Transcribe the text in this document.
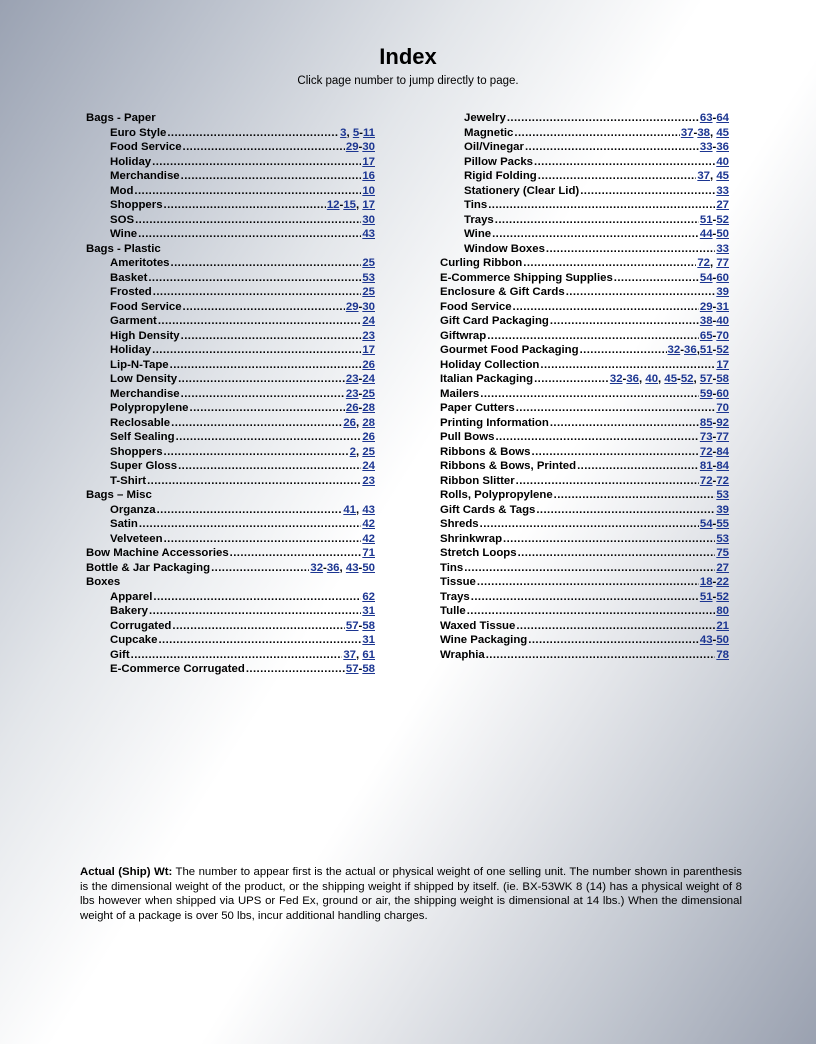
Index
Click page number to jump directly to page.
Bags - Paper
Euro Style .....	3, 5-11
Food Service .....	29-30
Holiday .....	17
Merchandise .....	16
Mod .....	10
Shoppers .....	12-15, 17
SOS .....	30
Wine .....	43
Bags - Plastic
Ameritotes .....	25
Basket .....	53
Frosted .....	25
Food Service .....	29-30
Garment .....	24
High Density .....	23
Holiday .....	17
Lip-N-Tape .....	26
Low Density .....	23-24
Merchandise .....	23-25
Polypropylene .....	26-28
Reclosable .....	26, 28
Self Sealing .....	26
Shoppers .....	2, 25
Super Gloss .....	24
T-Shirt .....	23
Bags – Misc
Organza .....	41, 43
Satin .....	42
Velveteen .....	42
Bow Machine Accessories .....	71
Bottle & Jar Packaging .....	32-36, 43-50
Boxes
Apparel .....	62
Bakery .....	31
Corrugated .....	57-58
Cupcake .....	31
Gift .....	37, 61
E-Commerce Corrugated .....	57-58
Jewelry .....	63-64
Magnetic .....	37-38, 45
Oil/Vinegar .....	33-36
Pillow Packs .....	40
Rigid Folding .....	37, 45
Stationery (Clear Lid) .....	33
Tins .....	27
Trays .....	51-52
Wine .....	44-50
Window Boxes .....	33
Curling Ribbon .....	72, 77
E-Commerce Shipping Supplies .....	54-60
Enclosure & Gift Cards .....	39
Food Service .....	29-31
Gift Card Packaging .....	38-40
Giftwrap .....	65-70
Gourmet Food Packaging .....	32-36,51-52
Holiday Collection .....	17
Italian Packaging .....	32-36, 40, 45-52, 57-58
Mailers .....	59-60
Paper Cutters .....	70
Printing Information .....	85-92
Pull Bows .....	73-77
Ribbons & Bows .....	72-84
Ribbons & Bows, Printed .....	81-84
Ribbon Slitter .....	72-72
Rolls, Polypropylene .....	53
Gift Cards & Tags .....	39
Shreds .....	54-55
Shrinkwrap .....	53
Stretch Loops .....	75
Tins .....	27
Tissue .....	18-22
Trays .....	51-52
Tulle .....	80
Waxed Tissue .....	21
Wine Packaging .....	43-50
Wraphia .....	78
Actual (Ship) Wt: The number to appear first is the actual or physical weight of one selling unit. The number shown in parenthesis is the dimensional weight of the product, or the shipping weight if shipped by itself. (ie. BX-53WK 8 (14) has a physical weight of 8 lbs however when shipped via UPS or Fed Ex, ground or air, the shipping weight is dimensional at 14 lbs.) When the dimensional weight of a package is over 50 lbs, incur additional handling charges.
